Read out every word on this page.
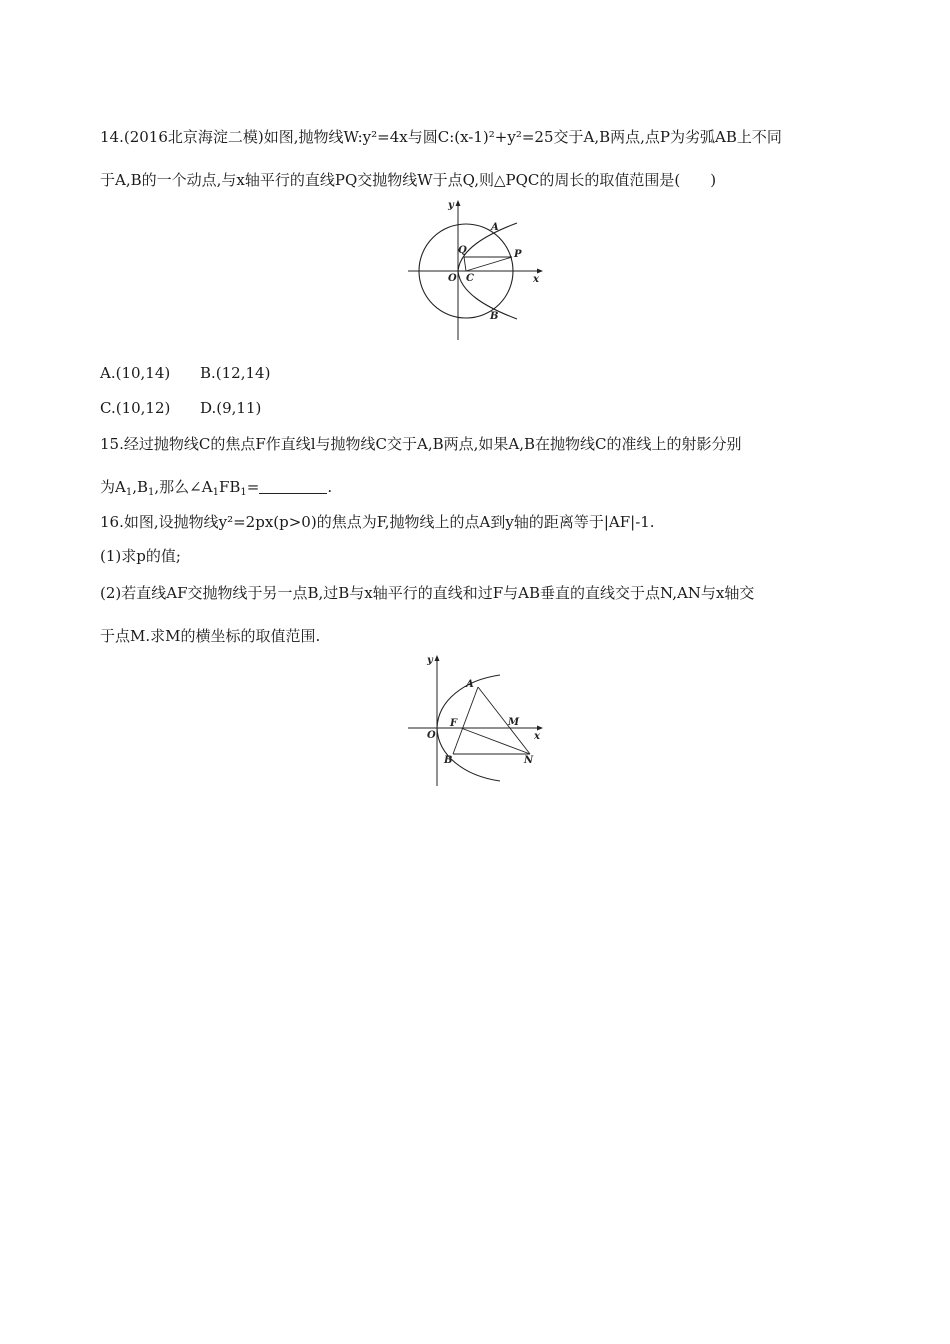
14.(2016北京海淀二模)如图,抛物线W:y²=4x与圆C:(x-1)²+y²=25交于A,B两点,点P为劣弧AB上不同
于A,B的一个动点,与x轴平行的直线PQ交抛物线W于点Q,则△PQC的周长的取值范围是(　　)
y
A
Q	P
O C	x
B
A.(10,14) B.(12,14)
C.(10,12) D.(9,11)
15.经过抛物线C的焦点F作直线l与抛物线C交于A,B两点,如果A,B在抛物线C的准线上的射影分别
为$A_1,B_1$,那么$\angle A_1FB_1=$	.
16.如图,设抛物线y²=2px(p>0)的焦点为F,抛物线上的点A到y轴的距离等于|AF|-1.
(1)求p的值;
(2)若直线AF交抛物线于另一点B,过B与x轴平行的直线和过F与AB垂直的直线交于点N,AN与x轴交
于点M.求M的横坐标的取值范围.
y
A
M
F
O	x
B	N
